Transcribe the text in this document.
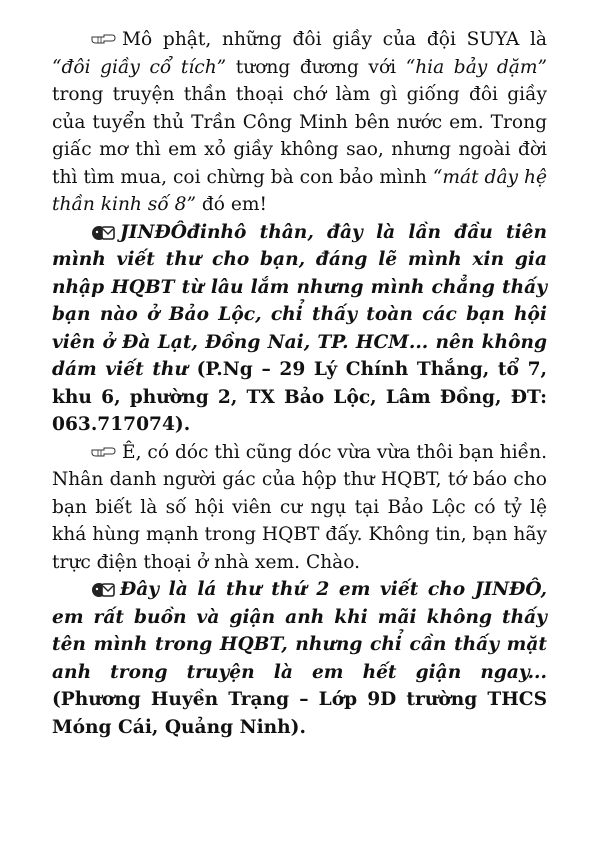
Mô phật, những đôi giầy của đội SUYA là “đôi giầy cổ tích” tương đương với “hia bảy dặm” trong truyện thần thoại chớ làm gì giống đôi giầy của tuyển thủ Trần Công Minh bên nước em. Trong giấc mơ thì em xỏ giầy không sao, nhưng ngoài đời thì tìm mua, coi chừng bà con bảo mình “mát dây hệ thần kinh số 8” đó em!

JINĐÔđinhô thân, đây là lần đầu tiên mình viết thư cho bạn, đáng lẽ mình xin gia nhập HQBT từ lâu lắm nhưng mình chẳng thấy bạn nào ở Bảo Lộc, chỉ thấy toàn các bạn hội viên ở Đà Lạt, Đồng Nai, TP. HCM... nên không dám viết thư (P.Ng – 29 Lý Chính Thắng, tổ 7, khu 6, phường 2, TX Bảo Lộc, Lâm Đồng, ĐT: 063.717074).

Ê, có dóc thì cũng dóc vừa vừa thôi bạn hiền. Nhân danh người gác của hộp thư HQBT, tớ báo cho bạn biết là số hội viên cư ngụ tại Bảo Lộc có tỷ lệ khá hùng mạnh trong HQBT đấy. Không tin, bạn hãy trực điện thoại ở nhà xem. Chào.

Đây là lá thư thứ 2 em viết cho JINĐÔ, em rất buồn và giận anh khi mãi không thấy tên mình trong HQBT, nhưng chỉ cần thấy mặt anh trong truyện là em hết giận ngay... (Phương Huyền Trạng – Lớp 9D trường THCS Móng Cái, Quảng Ninh).
